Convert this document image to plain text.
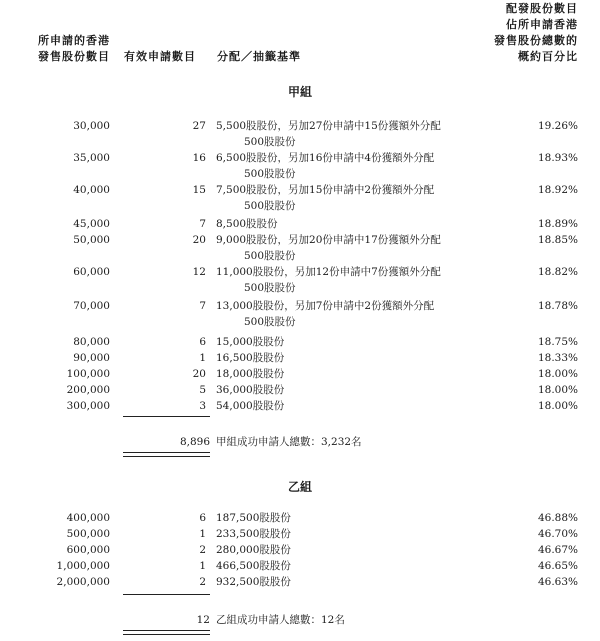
所申請的香港
發售股份數目 有效申請數目 分配／抽籤基準
配發股份數目
佔所申請香港
發售股份總數的
概約百分比
甲組
30,000	27 5,500股股份，另加27份申請中15份獲額外分配	19.26%
500股股份
35,000	16 6,500股股份，另加16份申請中4份獲額外分配	18.93%
500股股份
40,000	15 7,500股股份，另加15份申請中2份獲額外分配	18.92%
500股股份
45,000	7 8,500股股份	18.89%
50,000	20 9,000股股份，另加20份申請中17份獲額外分配	18.85%
500股股份
60,000	12 11,000股股份，另加12份申請中7份獲額外分配	18.82%
500股股份
70,000	7 13,000股股份，另加7份申請中2份獲額外分配	18.78%
500股股份
80,000	6 15,000股股份	18.75%
90,000	1 16,500股股份	18.33%
100,000	20 18,000股股份	18.00%
200,000	5 36,000股股份	18.00%
300,000	3 54,000股股份	18.00%
8,896 甲組成功申請人總數：3,232名
乙組
400,000	6 187,500股股份	46.88%
500,000	1 233,500股股份	46.70%
600,000	2 280,000股股份	46.67%
1,000,000	1 466,500股股份	46.65%
2,000,000	2 932,500股股份	46.63%
12 乙組成功申請人總數：12名
